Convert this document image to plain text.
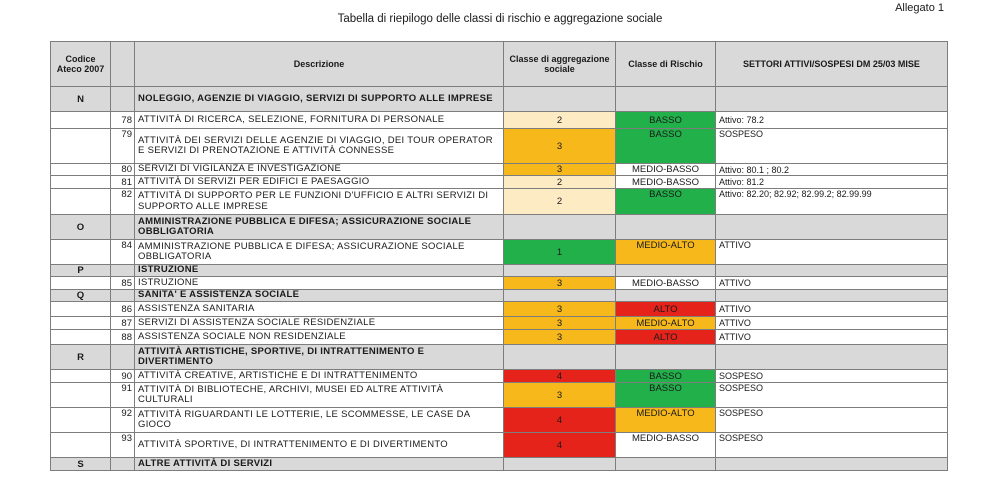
Allegato 1
Tabella di riepilogo delle classi di rischio e aggregazione sociale
Codice Ateco 2007		Descrizione	Classe di aggregazione sociale	Classe di Rischio	SETTORI ATTIVI/SOSPESI DM 25/03 MISE
N		NOLEGGIO, AGENZIE DI VIAGGIO, SERVIZI DI SUPPORTO ALLE IMPRESE			
	78	ATTIVITÀ DI RICERCA, SELEZIONE, FORNITURA DI PERSONALE	2	BASSO	Attivo: 78.2
	79	ATTIVITÀ DEI SERVIZI DELLE AGENZIE DI VIAGGIO, DEI TOUR OPERATOR E SERVIZI DI PRENOTAZIONE E ATTIVITÀ CONNESSE	3	BASSO	SOSPESO
	80	SERVIZI DI VIGILANZA E INVESTIGAZIONE	3	MEDIO-BASSO	Attivo: 80.1 ; 80.2
	81	ATTIVITÀ DI SERVIZI PER EDIFICI E PAESAGGIO	2	MEDIO-BASSO	Attivo: 81.2
	82	ATTIVITÀ DI SUPPORTO PER LE FUNZIONI D'UFFICIO E ALTRI SERVIZI DI SUPPORTO ALLE IMPRESE	2	BASSO	Attivo: 82.20; 82.92; 82.99.2; 82.99.99
O		AMMINISTRAZIONE PUBBLICA E DIFESA; ASSICURAZIONE SOCIALE OBBLIGATORIA			
	84	AMMINISTRAZIONE PUBBLICA E DIFESA; ASSICURAZIONE SOCIALE OBBLIGATORIA	1	MEDIO-ALTO	ATTIVO
P		ISTRUZIONE			
	85	ISTRUZIONE	3	MEDIO-BASSO	ATTIVO
Q		SANITA' E ASSISTENZA SOCIALE			
	86	ASSISTENZA SANITARIA	3	ALTO	ATTIVO
	87	SERVIZI DI ASSISTENZA SOCIALE RESIDENZIALE	3	MEDIO-ALTO	ATTIVO
	88	ASSISTENZA SOCIALE NON RESIDENZIALE	3	ALTO	ATTIVO
R		ATTIVITÀ ARTISTICHE, SPORTIVE, DI INTRATTENIMENTO E DIVERTIMENTO			
	90	ATTIVITÀ CREATIVE, ARTISTICHE E DI INTRATTENIMENTO	4	BASSO	SOSPESO
	91	ATTIVITÀ DI BIBLIOTECHE, ARCHIVI, MUSEI ED ALTRE ATTIVITÀ CULTURALI	3	BASSO	SOSPESO
	92	ATTIVITÀ RIGUARDANTI LE LOTTERIE, LE SCOMMESSE, LE CASE DA GIOCO	4	MEDIO-ALTO	SOSPESO
	93	ATTIVITÀ SPORTIVE, DI INTRATTENIMENTO E DI DIVERTIMENTO	4	MEDIO-BASSO	SOSPESO
S		ALTRE ATTIVITÀ DI SERVIZI			
